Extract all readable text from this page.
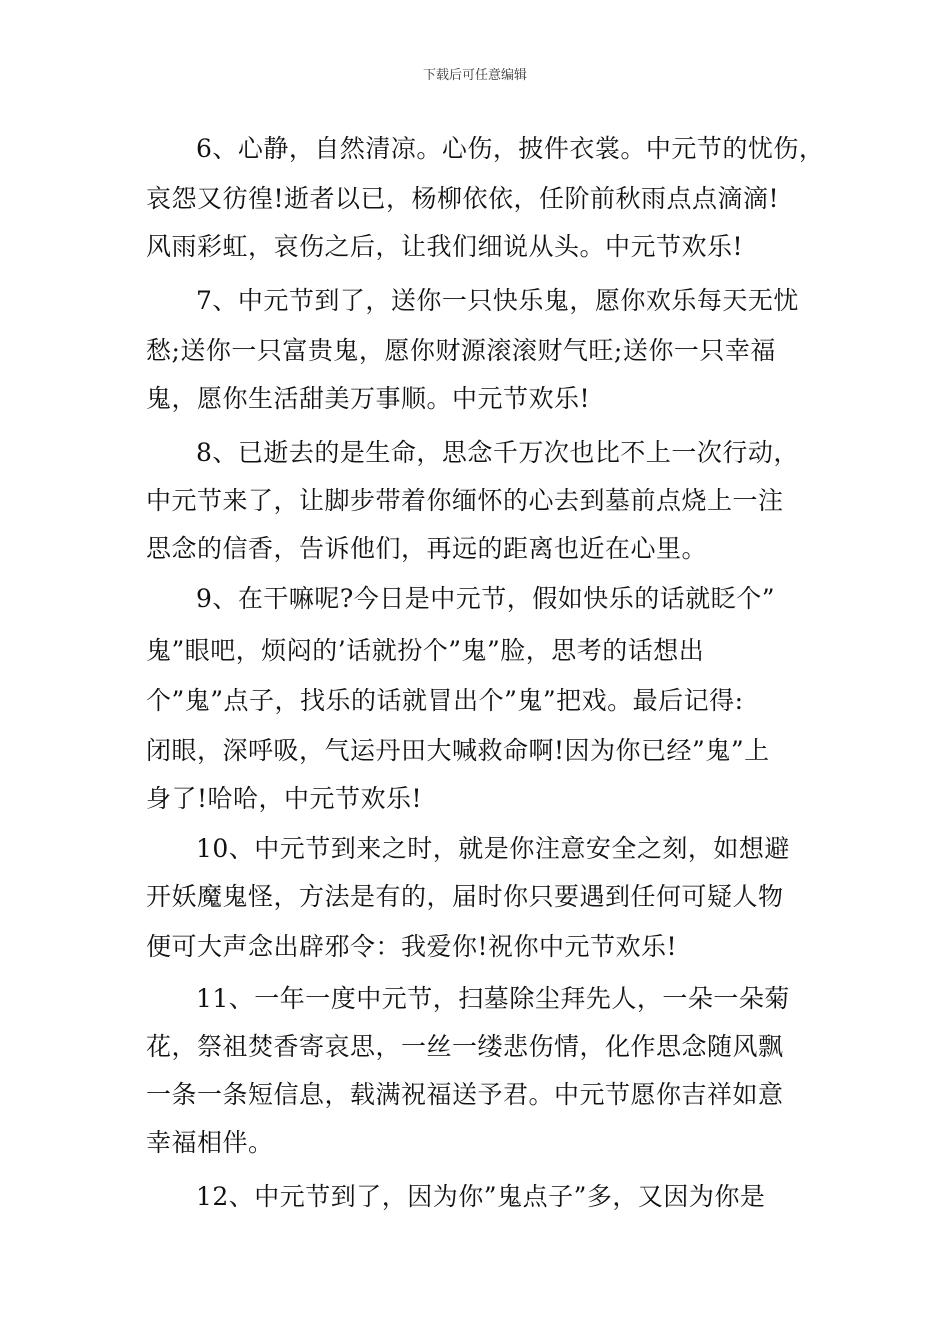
下载后可任意编辑
6、心静，自然清凉。心伤，披件衣裳。中元节的忧伤，
哀怨又彷徨!逝者以已，杨柳依依，任阶前秋雨点点滴滴!
风雨彩虹，哀伤之后，让我们细说从头。中元节欢乐!
7、中元节到了，送你一只快乐鬼，愿你欢乐每天无忧
愁;送你一只富贵鬼，愿你财源滚滚财气旺;送你一只幸福
鬼，愿你生活甜美万事顺。中元节欢乐!
8、已逝去的是生命，思念千万次也比不上一次行动，
中元节来了，让脚步带着你缅怀的心去到墓前点烧上一注
思念的信香，告诉他们，再远的距离也近在心里。
9、在干嘛呢?今日是中元节，假如快乐的话就眨个”
鬼”眼吧，烦闷的’话就扮个”鬼”脸，思考的话想出
个”鬼”点子，找乐的话就冒出个”鬼”把戏。最后记得:
闭眼，深呼吸，气运丹田大喊救命啊!因为你已经”鬼”上
身了!哈哈，中元节欢乐!
10、中元节到来之时，就是你注意安全之刻，如想避
开妖魔鬼怪，方法是有的，届时你只要遇到任何可疑人物
便可大声念出辟邪令：我爱你!祝你中元节欢乐!
11、一年一度中元节，扫墓除尘拜先人，一朵一朵菊
花，祭祖焚香寄哀思，一丝一缕悲伤情，化作思念随风飘
一条一条短信息，载满祝福送予君。中元节愿你吉祥如意
幸福相伴。
12、中元节到了，因为你”鬼点子”多，又因为你是
